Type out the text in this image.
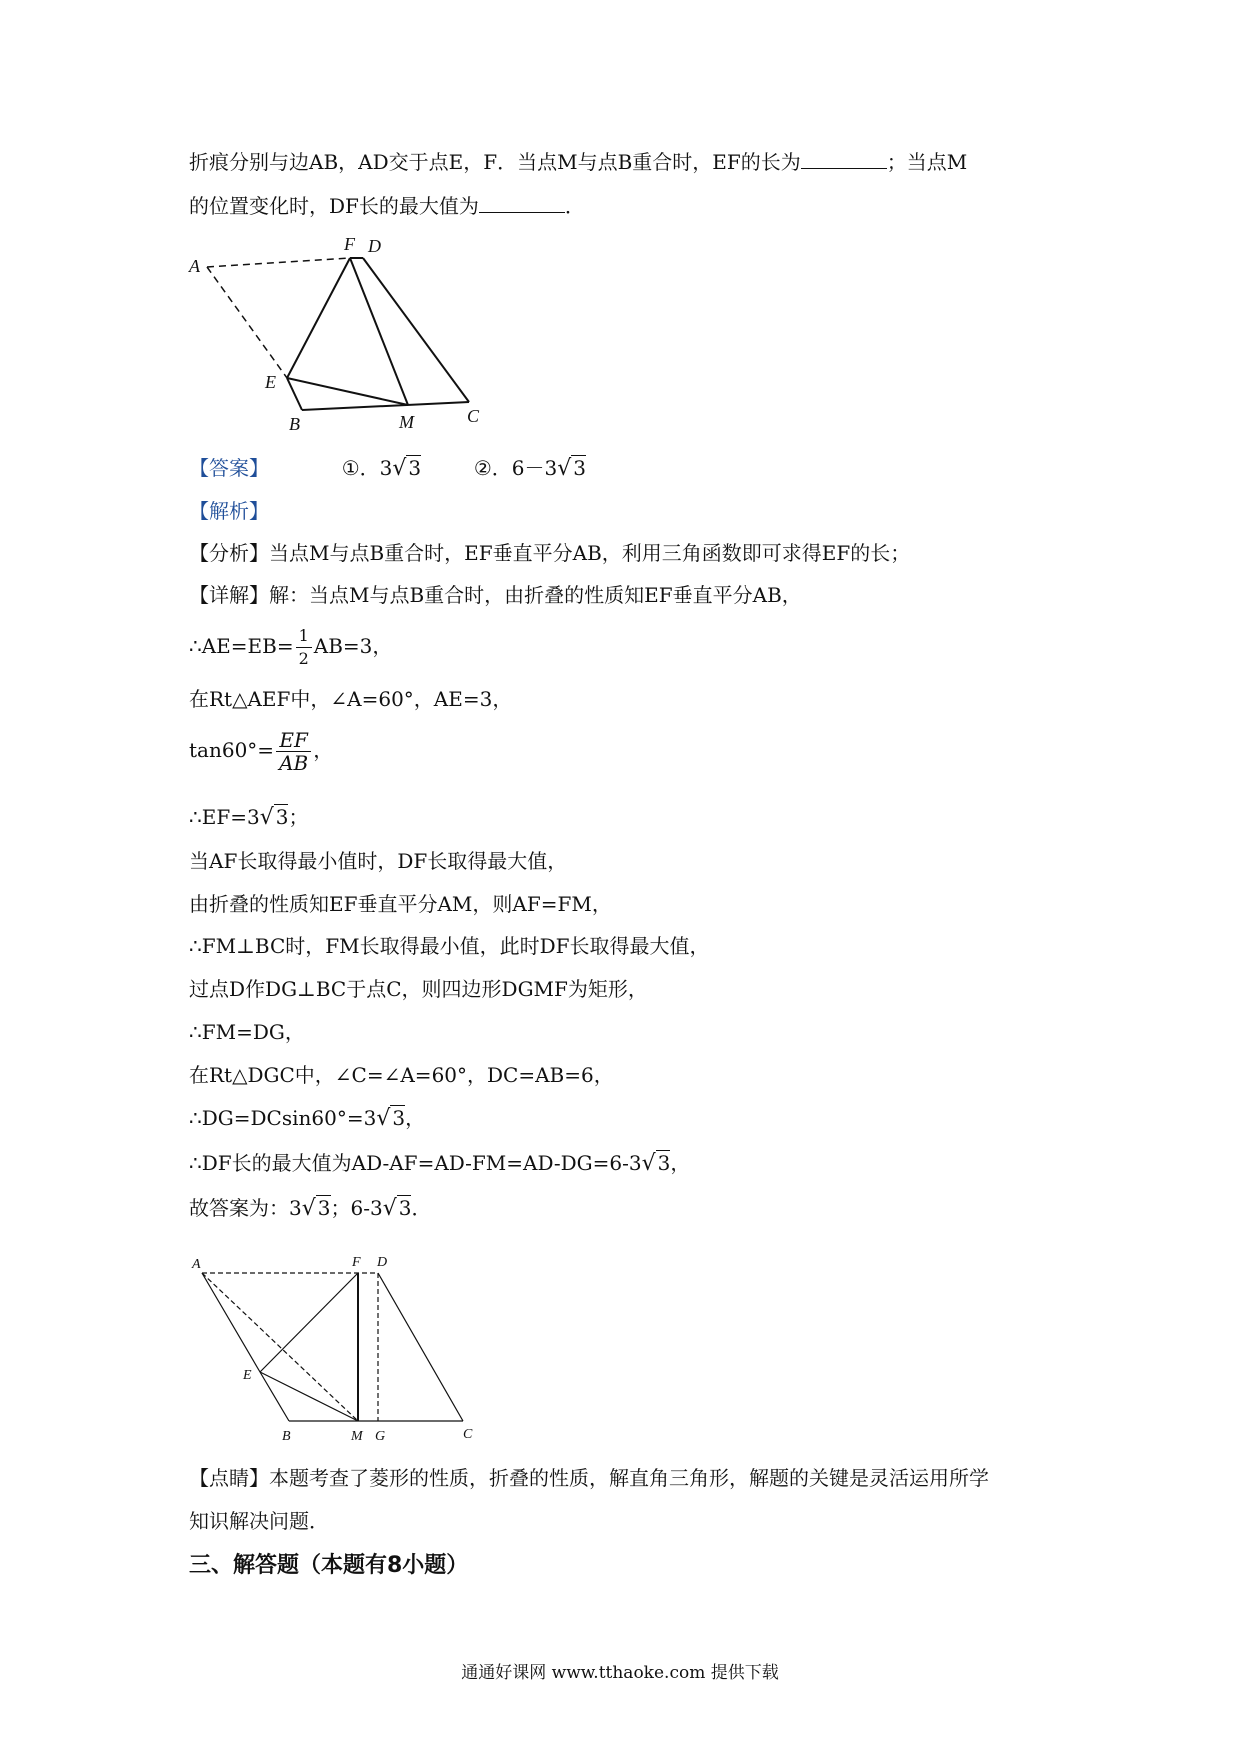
折痕分别与边AB，AD交于点E，F．当点M与点B重合时，EF的长为	；当点M
的位置变化时，DF长的最大值为	．
A
F D
E
B	M	C
【答案】	①．3√ 3	②．6－3√ 3
【解析】
【分析】当点M与点B重合时，EF垂直平分AB，利用三角函数即可求得EF的长；
【详解】解：当点M与点B重合时，由折叠的性质知EF垂直平分AB，
∴AE=EB= $\frac{1}{2} AB=3$，
在Rt△AEF中，∠A=60°，AE=3，
$\tan 60^\circ= \frac{EF}{AB}$ ，
∴EF=3√ 3；
当AF长取得最小值时，DF长取得最大值，
由折叠的性质知EF垂直平分AM，则AF=FM，
∴FM⊥BC时，FM长取得最小值，此时DF长取得最大值，
过点D作DG⊥BC于点C，则四边形DGMF为矩形，
∴FM=DG，
在Rt△DGC中，∠C=∠A=60°，DC=AB=6，
∴DG=DCsin60°=3√ 3，
∴DF长的最大值为AD-AF=AD-FM=AD-DG=6-3√ 3，
故答案为：3√ 3；6-3√ 3．
A	F D
E
B	M G	C
【点睛】本题考查了菱形的性质，折叠的性质，解直角三角形，解题的关键是灵活运用所学
知识解决问题．
三、解答题（本题有8小题）
通通好课网 www.tthaoke.com 提供下载
